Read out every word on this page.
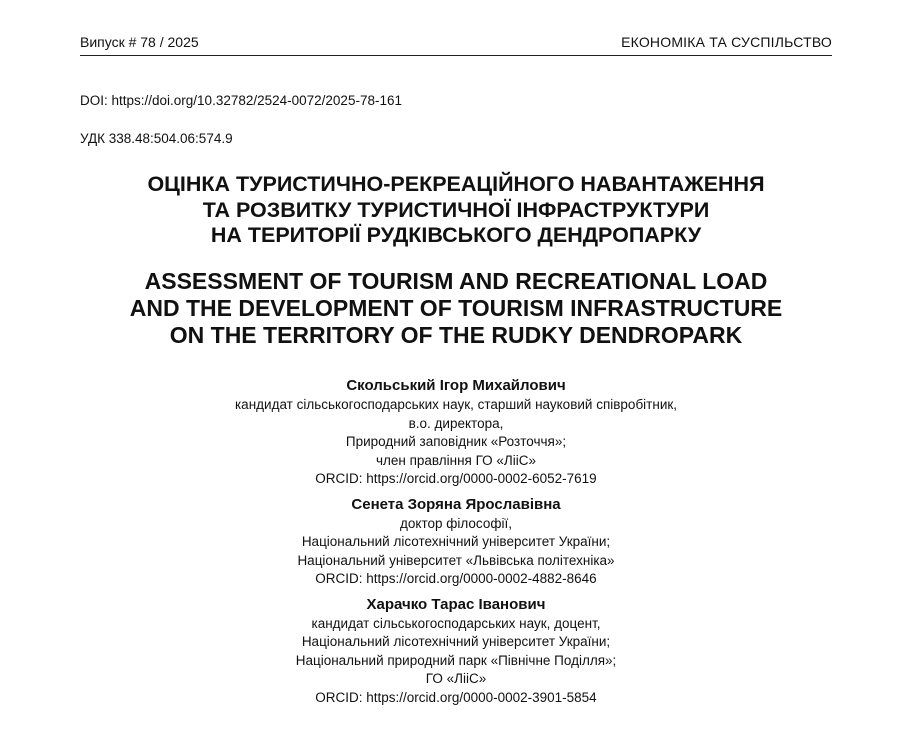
Випуск # 78 / 2025	ЕКОНОМІКА ТА СУСПІЛЬСТВО
DOI: https://doi.org/10.32782/2524-0072/2025-78-161
УДК 338.48:504.06:574.9
ОЦІНКА ТУРИСТИЧНО-РЕКРЕАЦІЙНОГО НАВАНТАЖЕННЯ
ТА РОЗВИТКУ ТУРИСТИЧНОЇ ІНФРАСТРУКТУРИ
НА ТЕРИТОРІЇ РУДКІВСЬКОГО ДЕНДРОПАРКУ
ASSESSMENT OF TOURISM AND RECREATIONAL LOAD
AND THE DEVELOPMENT OF TOURISM INFRASTRUCTURE
ON THE TERRITORY OF THE RUDKY DENDROPARK
Скольський Ігор Михайлович
кандидат сільськогосподарських наук, старший науковий співробітник,
в.о. директора,
Природний заповідник «Розточчя»;
член правління ГО «ЛіiС»
ORCID: https://orcid.org/0000-0002-6052-7619
Сенета Зоряна Ярославівна
доктор філософії,
Національний лісотехнічний університет України;
Національний університет «Львівська політехніка»
ORCID: https://orcid.org/0000-0002-4882-8646
Харачко Тарас Іванович
кандидат сільськогосподарських наук, доцент,
Національний лісотехнічний університет України;
Національний природний парк «Північне Поділля»;
ГО «ЛіiС»
ORCID: https://orcid.org/0000-0002-3901-5854
